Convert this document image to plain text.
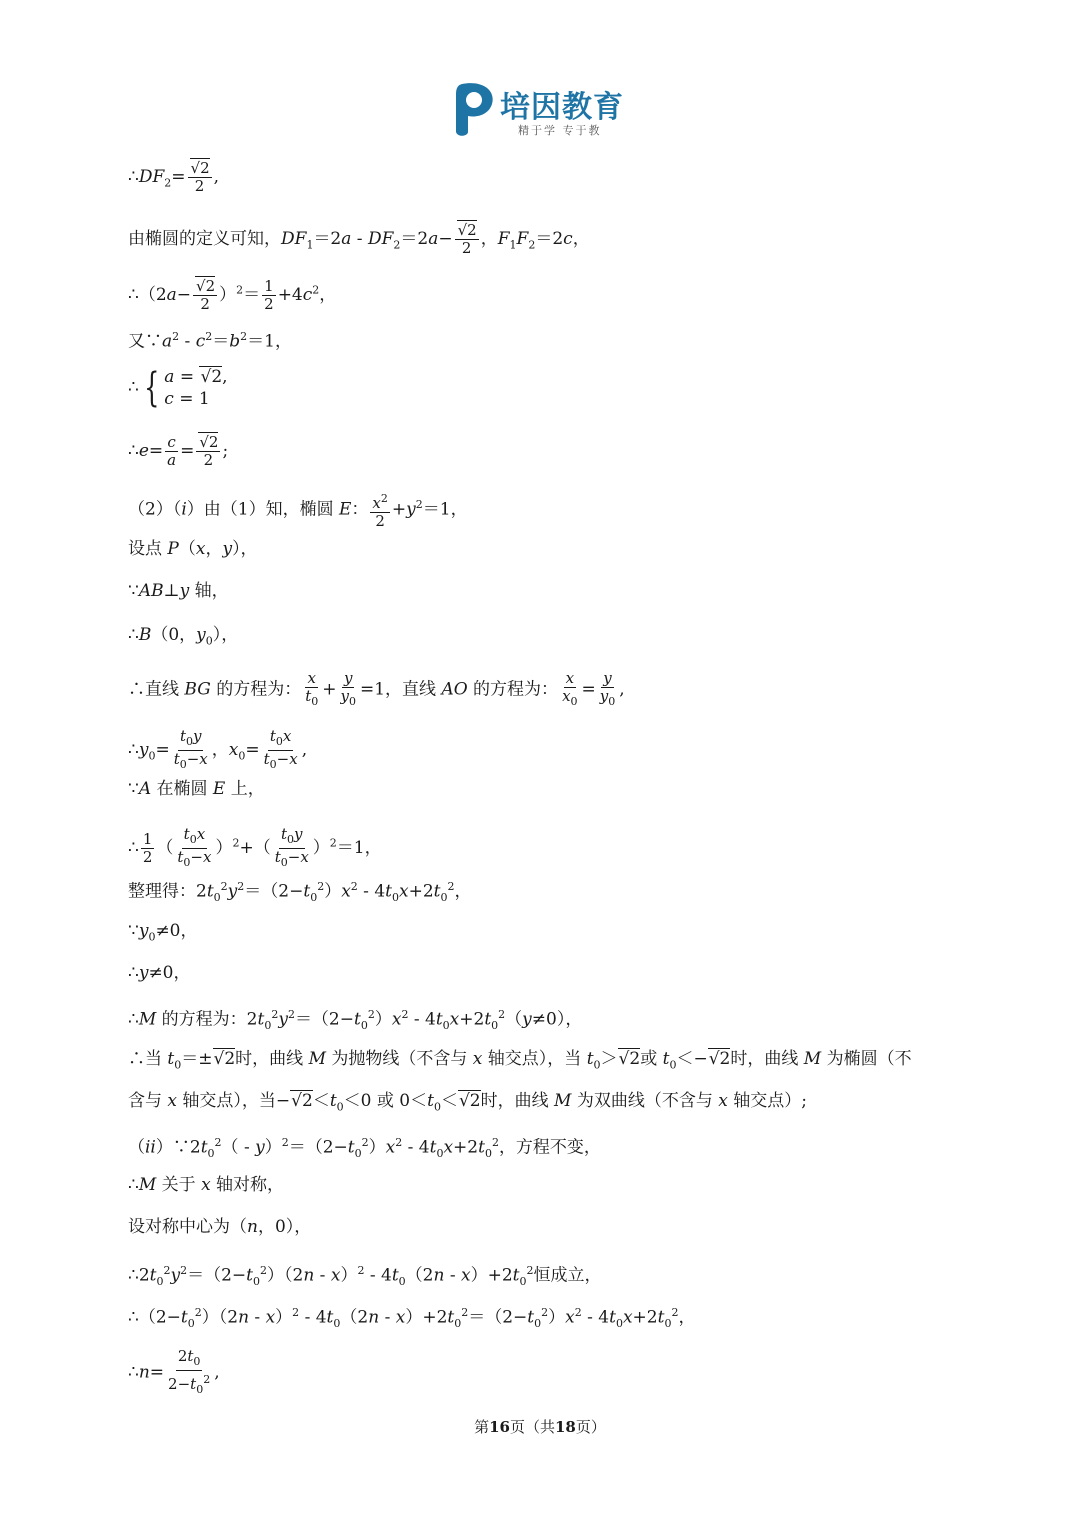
培因教育
精于学 专于教
$\therefore DF_2= \frac{√2}{2}$ ,
由椭圆的定义可知，$DF_1=2a - DF_2=2a- \frac{√2}{2}$ ，$F_1F_2=2c$，
∴（2a− $\frac{√2}{2} )^2= \frac{1}{2} +4c^2$，
又$\because a^2 - c^2=b^2=1$，
∴ { a = √2,
c = 1
∴e= $\frac{c}{a} = \frac{√2}{2}$ ;
（2）（i）由（1）知，椭圆 E： $\frac{x^2}{2} +y^2=1$，
设点 P（x，y），
∵AB⊥y 轴，
∴B（0，$y_0$），
∴直线 BG 的方程为： $\frac{x}{t_0} + \frac{y}{y_0} =1$，直线 AO 的方程为： $\frac{x}{x_0} = \frac{y}{y_0}$ ,
$\therefore y_0= \frac{t_0y}{t_0-x}$ ，$x_0= \frac{t_0x}{t_0-x}$ ,
∵A 在椭圆 E 上，
∴ $\frac{1}{2}$ （ $\frac{t_0x}{t_0-x} )^2+( \frac{t_0y}{t_0-x} )^2=1$，
整理得：$2t_0^2y^2=(2-t_0^2)x^2 - 4t_0x+2t_0^2$，
$\because y_0\ne 0$，
∴y≠0，
∴M 的方程为：$2t_0^2y^2=(2-t_0^2)x^2 - 4t_0x+2t_0^2(y\ne 0)$，
∴当 $t_0=\pm√2$时，曲线 M 为抛物线（不含与 x 轴交点），当 $t_0>√2$或 $t_0<-√2$时，曲线 M 为椭圆（不
含与 x 轴交点），当$-√2<t_0<0$ 或 $0<t_0<√2$时，曲线 M 为双曲线（不含与 x 轴交点）;
$(ii)\because 2t_0^2( - y)^2=(2-t_0^2)x^2 - 4t_0x+2t_0^2$，方程不变，
∴M 关于 x 轴对称，
设对称中心为（n，0），
$\therefore 2t_0^2y^2=(2-t_0^2)(2n - x)^2 - 4t_0(2n - x)+2t_0^2$恒成立，
$\therefore(2-t_0^2)(2n - x)^2 - 4t_0(2n - x)+2t_0^2=(2-t_0^2)x^2 - 4t_0x+2t_0^2$，
∴n= $\frac{2t_0}{2-t_0^2}$ ,
第16页（共18页）
